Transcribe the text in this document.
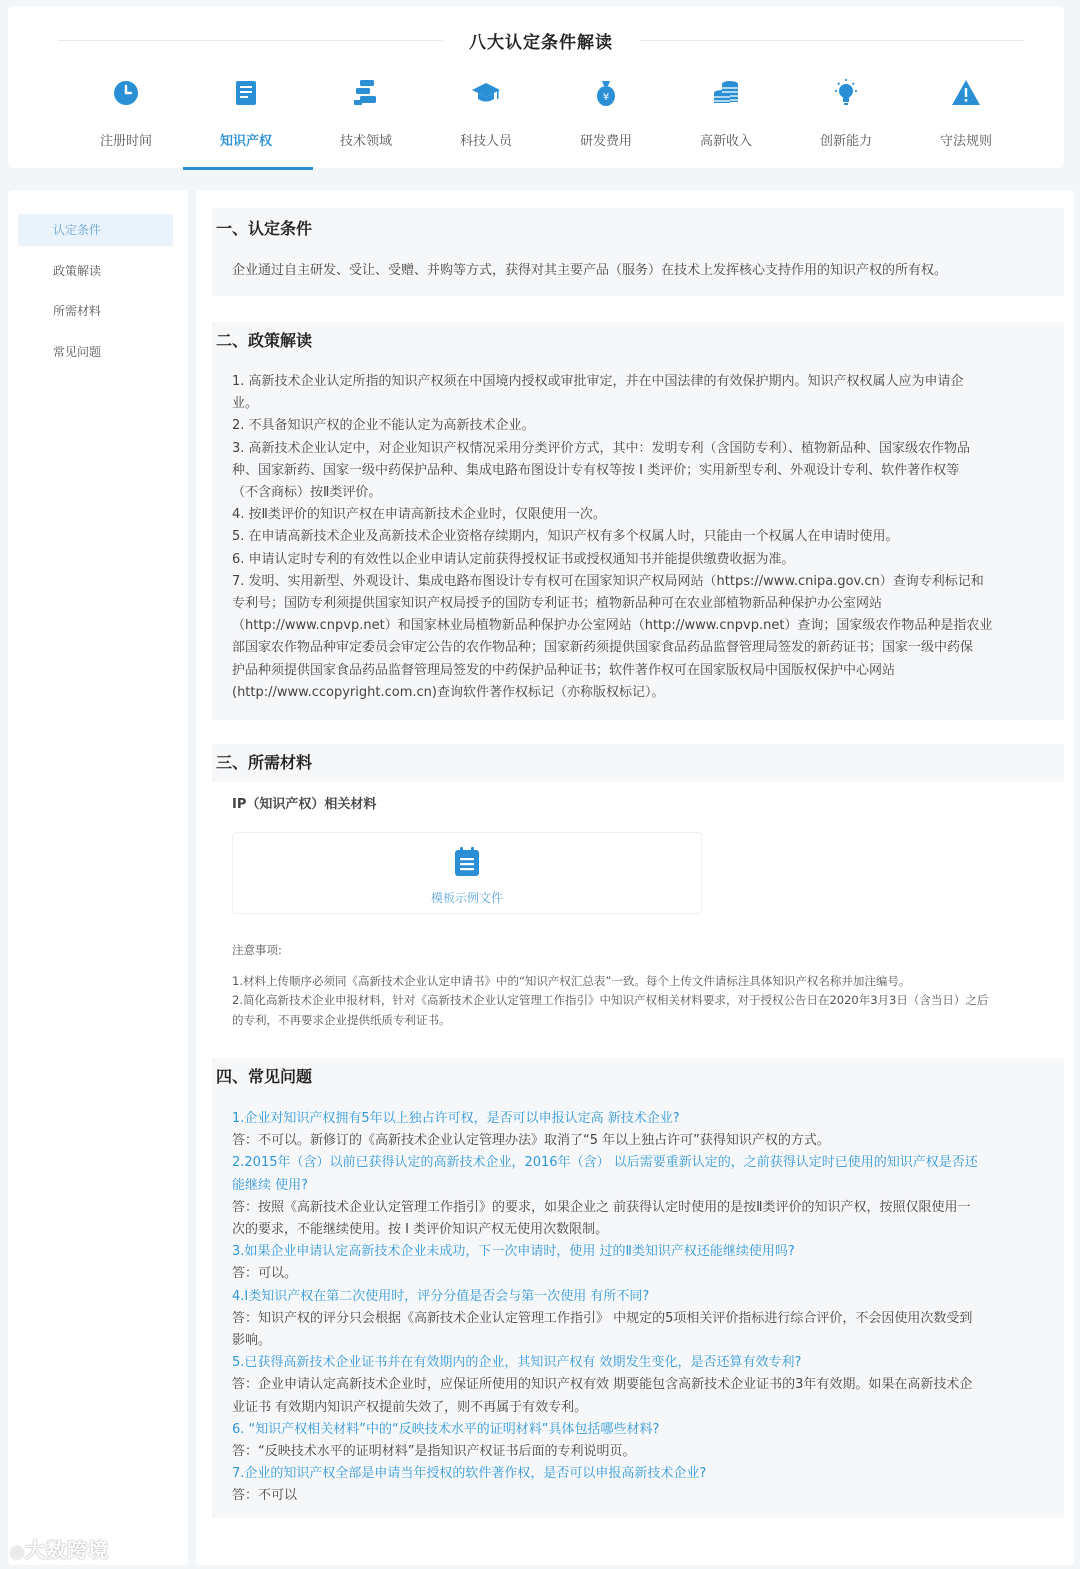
八大认定条件解读
注册时间	知识产权	技术领域	科技人员
¥
研发费用	高新收入	创新能力	守法规则
认定条件
政策解读
所需材料
常见问题
一、认定条件
企业通过自主研发、受让、受赠、并购等方式，获得对其主要产品（服务）在技术上发挥核心支持作用的知识产权的所有权。
二、政策解读
1. 高新技术企业认定所指的知识产权须在中国境内授权或审批审定，并在中国法律的有效保护期内。知识产权权属人应为申请企
业。
2. 不具备知识产权的企业不能认定为高新技术企业。
3. 高新技术企业认定中，对企业知识产权情况采用分类评价方式，其中：发明专利（含国防专利）、植物新品种、国家级农作物品
种、国家新药、国家一级中药保护品种、集成电路布图设计专有权等按 I 类评价；实用新型专利、外观设计专利、软件著作权等
（不含商标）按Ⅱ类评价。
4. 按Ⅱ类评价的知识产权在申请高新技术企业时，仅限使用一次。
5. 在申请高新技术企业及高新技术企业资格存续期内，知识产权有多个权属人时，只能由一个权属人在申请时使用。
6. 申请认定时专利的有效性以企业申请认定前获得授权证书或授权通知书并能提供缴费收据为准。
7. 发明、实用新型、外观设计、集成电路布图设计专有权可在国家知识产权局网站（https://www.cnipa.gov.cn）查询专利标记和
专利号；国防专利须提供国家知识产权局授予的国防专利证书；植物新品种可在农业部植物新品种保护办公室网站
（http://www.cnpvp.net）和国家林业局植物新品种保护办公室网站（http://www.cnpvp.net）查询；国家级农作物品种是指农业
部国家农作物品种审定委员会审定公告的农作物品种；国家新药须提供国家食品药品监督管理局签发的新药证书；国家一级中药保
护品种须提供国家食品药品监督管理局签发的中药保护品种证书；软件著作权可在国家版权局中国版权保护中心网站
(http://www.ccopyright.com.cn)查询软件著作权标记（亦称版权标记）。
三、所需材料
IP（知识产权）相关材料
模板示例文件
注意事项:
1.材料上传顺序必须同《高新技术企业认定申请书》中的“知识产权汇总表”一致。每个上传文件请标注具体知识产权名称并加注编号。
2.简化高新技术企业申报材料，针对《高新技术企业认定管理工作指引》中知识产权相关材料要求，对于授权公告日在2020年3月3日（含当日）之后
的专利，不再要求企业提供纸质专利证书。
四、常见问题
1.企业对知识产权拥有5年以上独占许可权，是否可以申报认定高 新技术企业?
答：不可以。新修订的《高新技术企业认定管理办法》取消了“5 年以上独占许可”获得知识产权的方式。
2.2015年（含）以前已获得认定的高新技术企业，2016年（含） 以后需要重新认定的，之前获得认定时已使用的知识产权是否还
能继续 使用?
答：按照《高新技术企业认定管理工作指引》的要求，如果企业之 前获得认定时使用的是按Ⅱ类评价的知识产权，按照仅限使用一
次的要求，不能继续使用。按 I 类评价知识产权无使用次数限制。
3.如果企业申请认定高新技术企业未成功，下一次申请时，使用 过的Ⅱ类知识产权还能继续使用吗?
答：可以。
4.I类知识产权在第二次使用时，评分分值是否会与第一次使用 有所不同?
答：知识产权的评分只会根据《高新技术企业认定管理工作指引》 中规定的5项相关评价指标进行综合评价，不会因使用次数受到
影响。
5.已获得高新技术企业证书并在有效期内的企业，其知识产权有 效期发生变化，是否还算有效专利?
答：企业申请认定高新技术企业时，应保证所使用的知识产权有效 期要能包含高新技术企业证书的3年有效期。如果在高新技术企
业证书 有效期内知识产权提前失效了，则不再属于有效专利。
6. “知识产权相关材料”中的“反映技术水平的证明材料”具体包括哪些材料?
答：“反映技术水平的证明材料”是指知识产权证书后面的专利说明页。
7.企业的知识产权全部是申请当年授权的软件著作权，是否可以申报高新技术企业?
答：不可以
◎大数跨境
